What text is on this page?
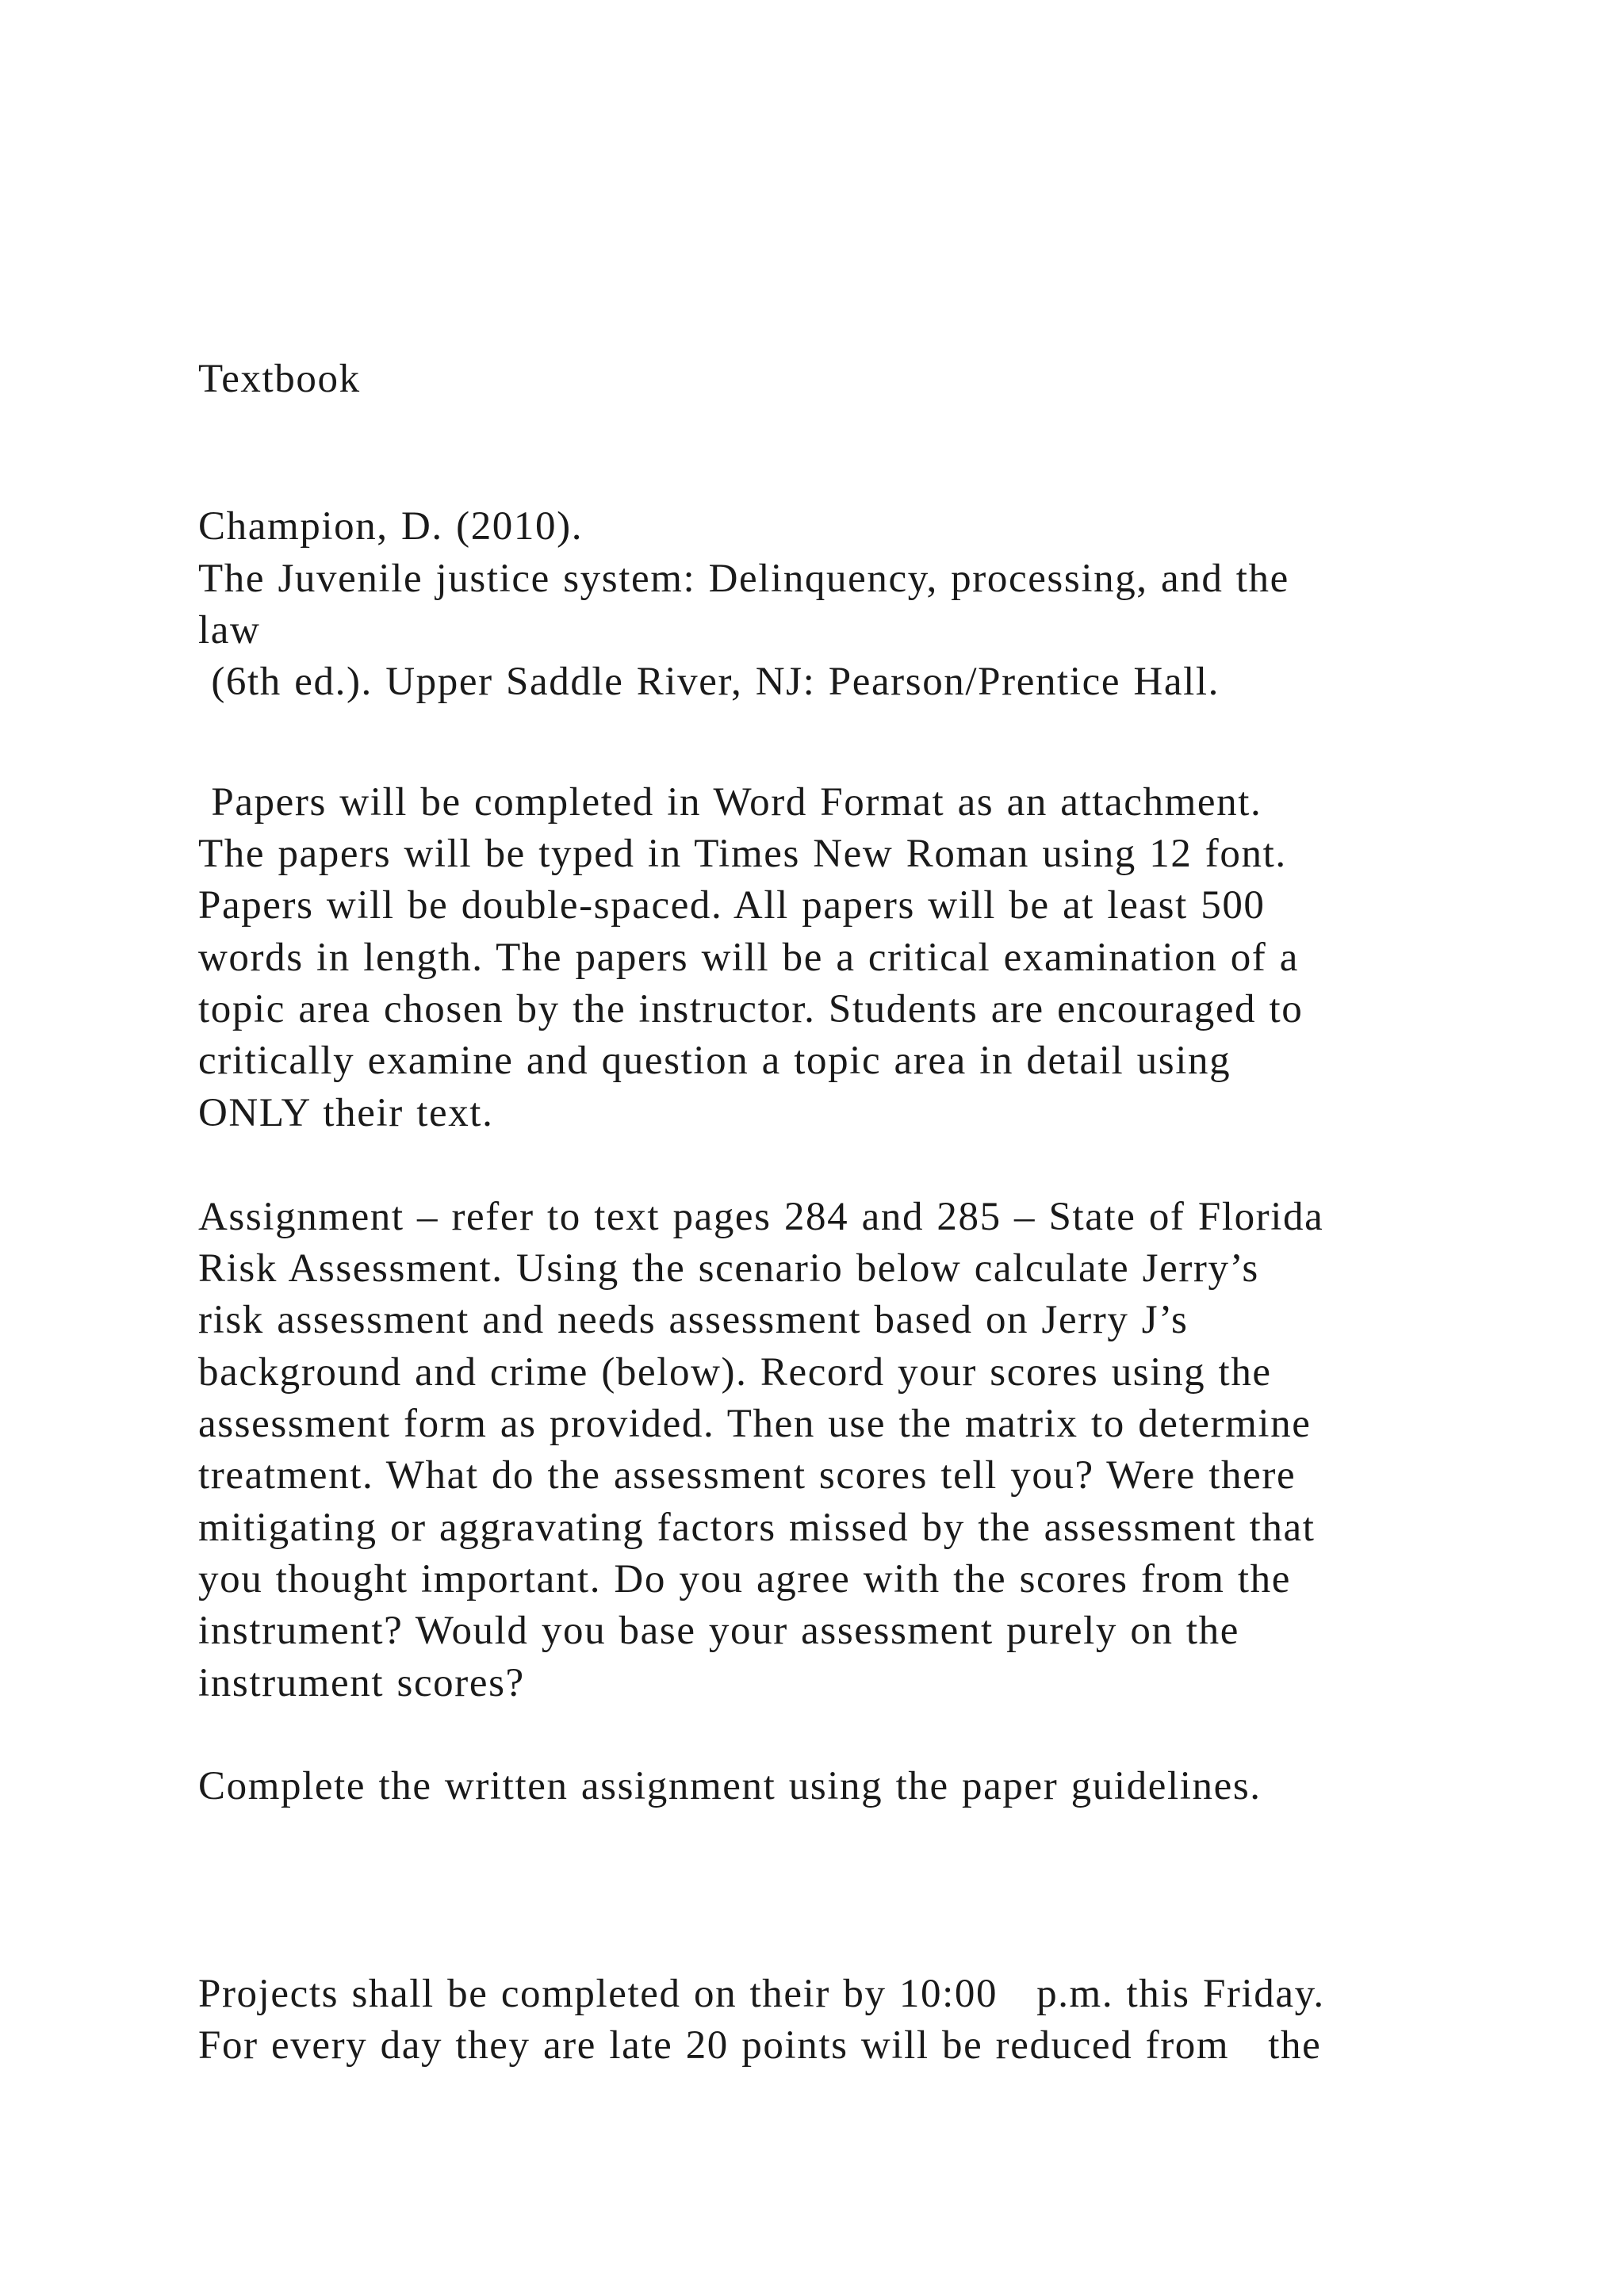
Textbook
Champion, D. (2010).
The Juvenile justice system: Delinquency, processing, and the
law
(6th ed.). Upper Saddle River, NJ: Pearson/Prentice Hall.
Papers will be completed in Word Format as an attachment.
The papers will be typed in Times New Roman using 12 font.
Papers will be double-spaced. All papers will be at least 500
words in length. The papers will be a critical examination of a
topic area chosen by the instructor. Students are encouraged to
critically examine and question a topic area in detail using
ONLY their text.
Assignment – refer to text pages 284 and 285 – State of Florida
Risk Assessment. Using the scenario below calculate Jerry’s
risk assessment and needs assessment based on Jerry J’s
background and crime (below). Record your scores using the
assessment form as provided. Then use the matrix to determine
treatment. What do the assessment scores tell you? Were there
mitigating or aggravating factors missed by the assessment that
you thought important. Do you agree with the scores from the
instrument? Would you base your assessment purely on the
instrument scores?
Complete the written assignment using the paper guidelines.
Projects shall be completed on their by 10:00   p.m. this Friday.
For every day they are late 20 points will be reduced from   the
